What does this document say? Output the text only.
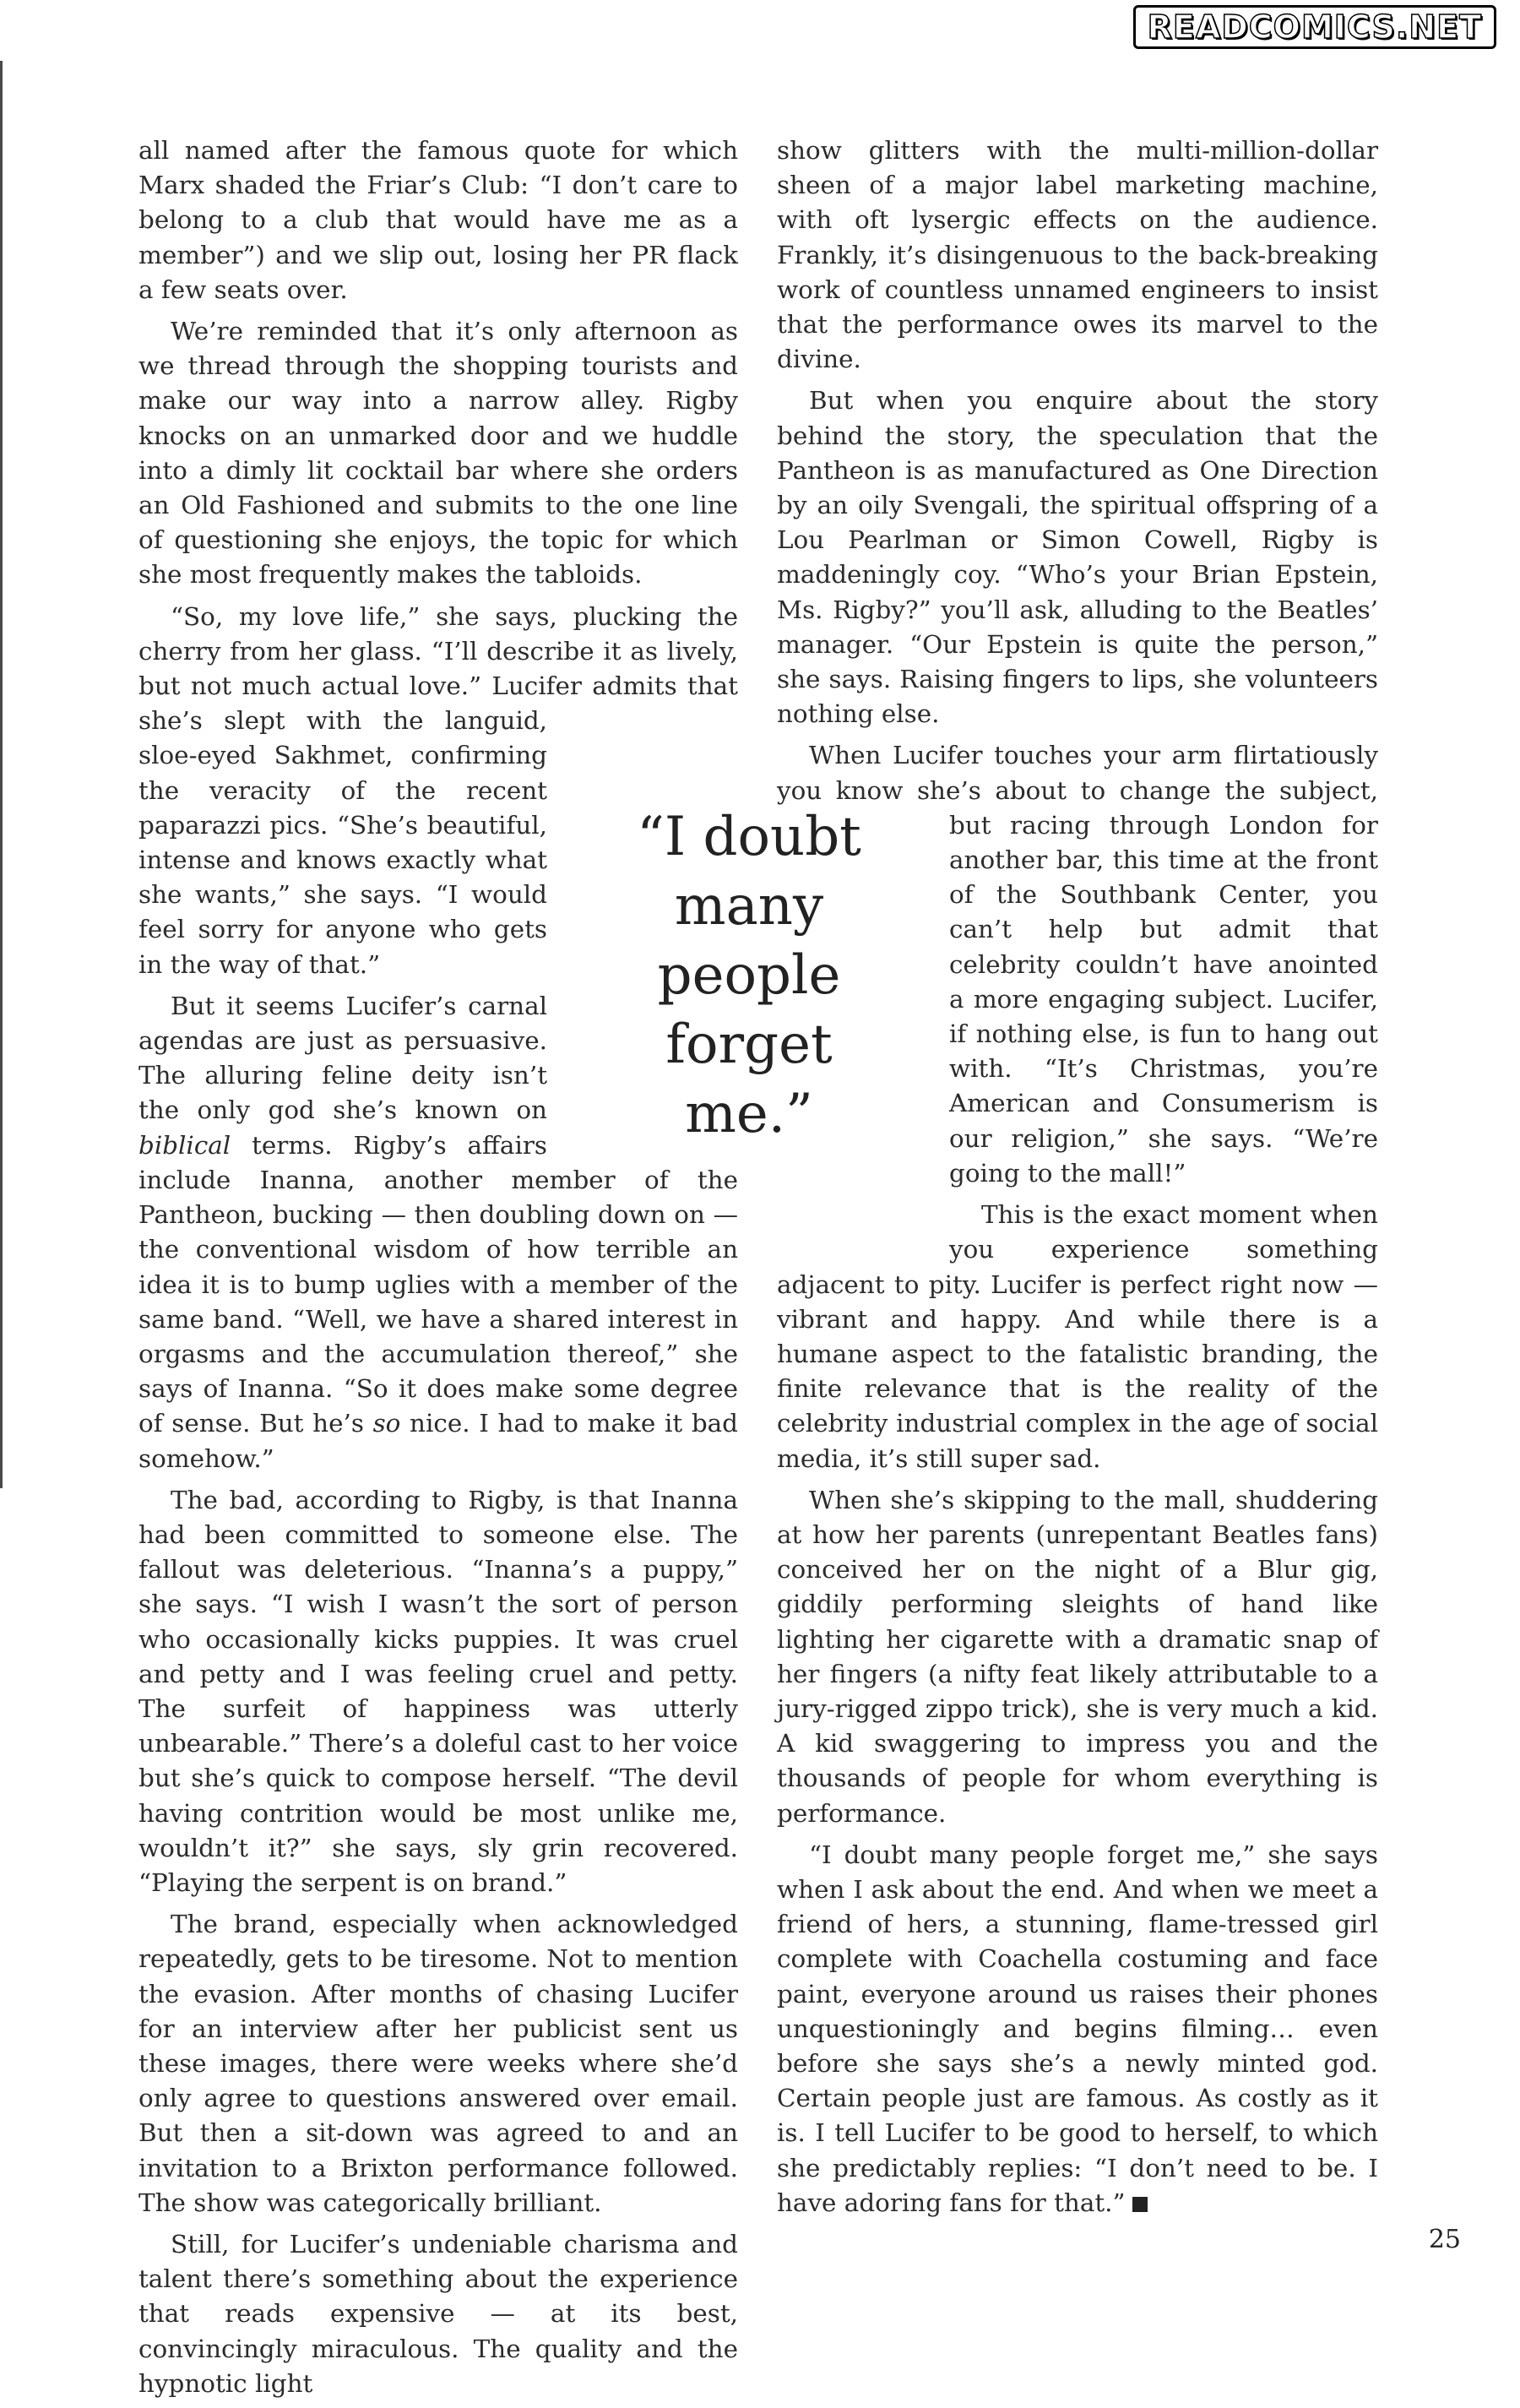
READCOMICS.NET

all named after the famous quote for which Marx shaded the Friar’s Club: “I don’t care to belong to a club that would have me as a member”) and we slip out, losing her PR flack a few seats over.

We’re reminded that it’s only afternoon as we thread through the shopping tourists and make our way into a narrow alley. Rigby knocks on an unmarked door and we huddle into a dimly lit cocktail bar where she orders an Old Fashioned and submits to the one line of questioning she enjoys, the topic for which she most frequently makes the tabloids.

“So, my love life,” she says, plucking the cherry from her glass. “I’ll describe it as lively, but not much actual love.” Lucifer admits that she’s slept with the languid, sloe-eyed Sakhmet, confirming the veracity of the recent paparazzi pics. “She’s beautiful, intense and knows exactly what she wants,” she says. “I would feel sorry for anyone who gets in the way of that.”

But it seems Lucifer’s carnal agendas are just as persuasive. The alluring feline deity isn’t the only god she’s known on biblical terms. Rigby’s affairs include Inanna, another member of the Pantheon, bucking — then doubling down on — the conventional wisdom of how terrible an idea it is to bump uglies with a member of the same band. “Well, we have a shared interest in orgasms and the accumulation thereof,” she says of Inanna. “So it does make some degree of sense. But he’s so nice. I had to make it bad somehow.”

The bad, according to Rigby, is that Inanna had been committed to someone else. The fallout was deleterious. “Inanna’s a puppy,” she says. “I wish I wasn’t the sort of person who occasionally kicks puppies. It was cruel and petty and I was feeling cruel and petty. The surfeit of happiness was utterly unbearable.” There’s a doleful cast to her voice but she’s quick to compose herself. “The devil having contrition would be most unlike me, wouldn’t it?” she says, sly grin recovered. “Playing the serpent is on brand.”

The brand, especially when acknowledged repeatedly, gets to be tiresome. Not to mention the evasion. After months of chasing Lucifer for an interview after her publicist sent us these images, there were weeks where she’d only agree to questions answered over email. But then a sit-down was agreed to and an invitation to a Brixton performance followed. The show was categorically brilliant.

Still, for Lucifer’s undeniable charisma and talent there’s something about the experience that reads expensive — at its best, convincingly miraculous. The quality and the hypnotic light

show glitters with the multi-million-dollar sheen of a major label marketing machine, with oft lysergic effects on the audience. Frankly, it’s disingenuous to the back-breaking work of countless unnamed engineers to insist that the performance owes its marvel to the divine.

But when you enquire about the story behind the story, the speculation that the Pantheon is as manufactured as One Direction by an oily Svengali, the spiritual offspring of a Lou Pearlman or Simon Cowell, Rigby is maddeningly coy. “Who’s your Brian Epstein, Ms. Rigby?” you’ll ask, alluding to the Beatles’ manager. “Our Epstein is quite the person,” she says. Raising fingers to lips, she volunteers nothing else.

When Lucifer touches your arm flirtatiously you know she’s about to change the subject, but racing through London for another bar, this time at the front of the Southbank Center, you can’t help but admit that celebrity couldn’t have anointed a more engaging subject. Lucifer, if nothing else, is fun to hang out with. “It’s Christmas, you’re American and Consumerism is our religion,” she says. “We’re going to the mall!”

This is the exact moment when you experience something adjacent to pity. Lucifer is perfect right now — vibrant and happy. And while there is a humane aspect to the fatalistic branding, the finite relevance that is the reality of the celebrity industrial complex in the age of social media, it’s still super sad.

When she’s skipping to the mall, shuddering at how her parents (unrepentant Beatles fans) conceived her on the night of a Blur gig, giddily performing sleights of hand like lighting her cigarette with a dramatic snap of her fingers (a nifty feat likely attributable to a jury-rigged zippo trick), she is very much a kid. A kid swaggering to impress you and the thousands of people for whom everything is performance.

“I doubt many people forget me,” she says when I ask about the end. And when we meet a friend of hers, a stunning, flame-tressed girl complete with Coachella costuming and face paint, everyone around us raises their phones unquestioningly and begins filming… even before she says she’s a newly minted god. Certain people just are famous. As costly as it is. I tell Lucifer to be good to herself, to which she predictably replies: “I don’t need to be. I have adoring fans for that.”

“I doubt many people forget me.”
25
